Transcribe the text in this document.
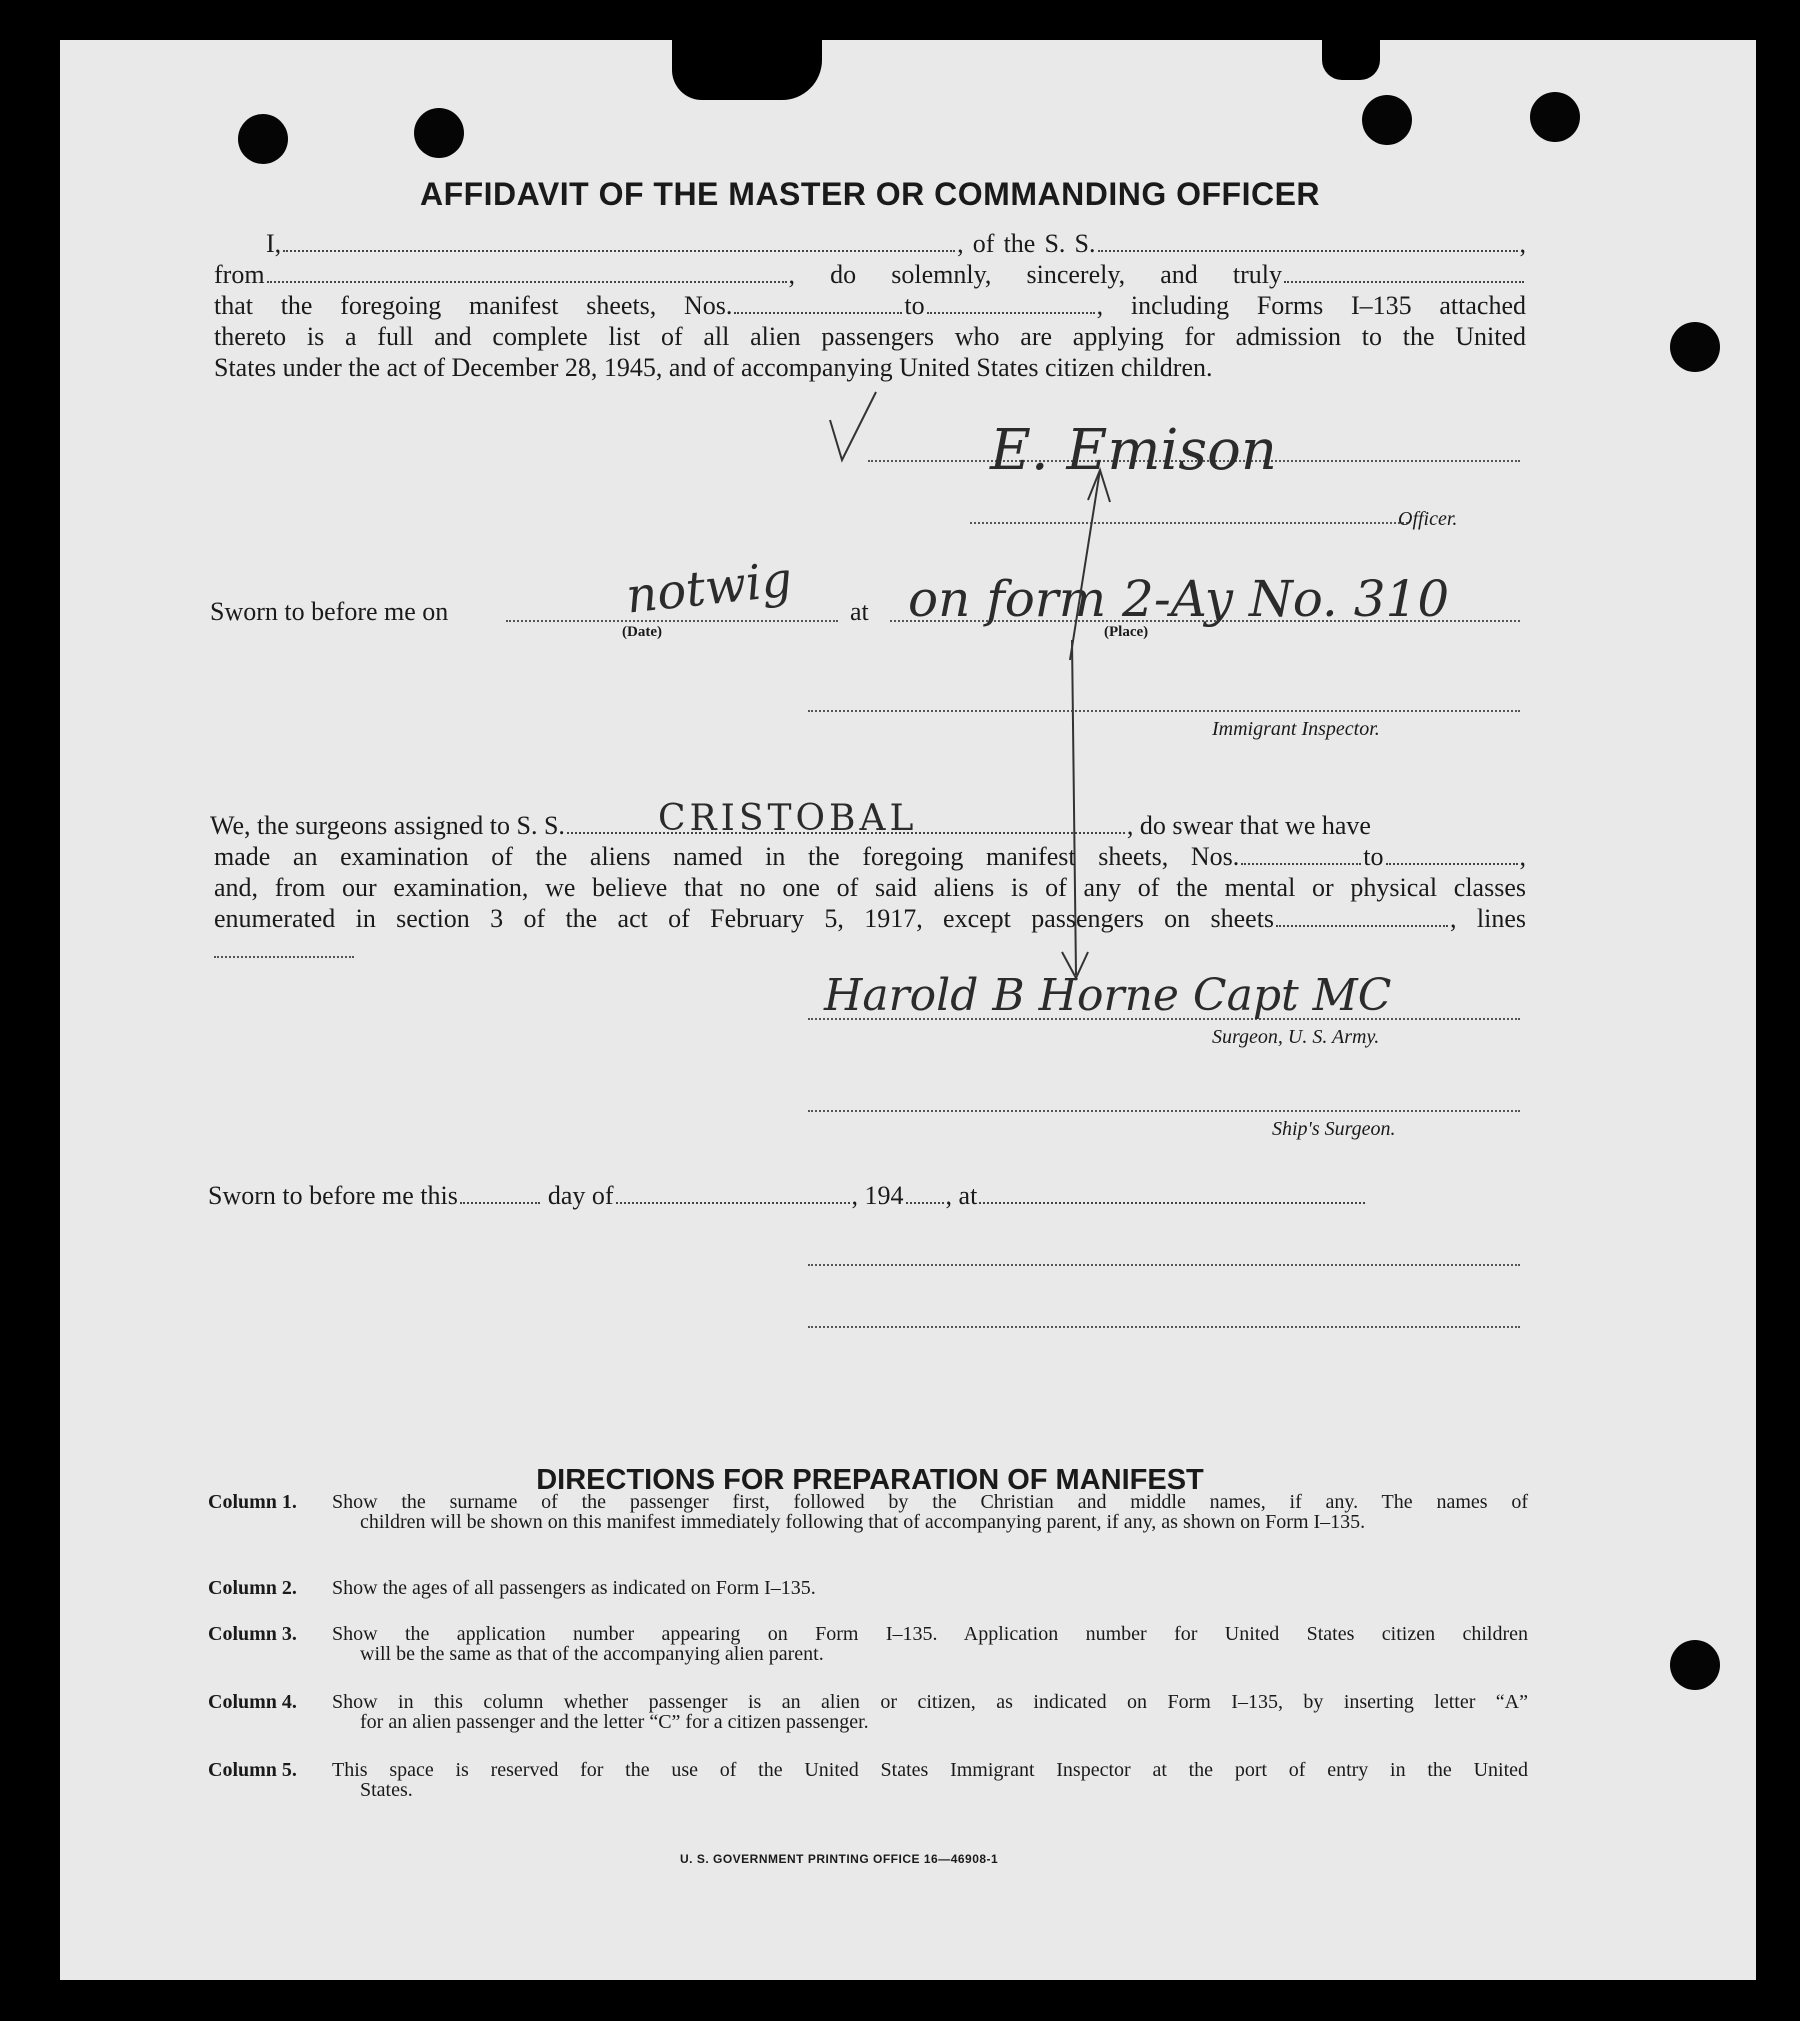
AFFIDAVIT OF THE MASTER OR COMMANDING OFFICER
I,	, of the S. S.	,
from	, do solemnly, sincerely, and truly
that the foregoing manifest sheets, Nos.	to	, including Forms I–135 attached
thereto is a full and complete list of all alien passengers who are applying for admission to the United
States under the act of December 28, 1945, and of accompanying United States citizen children.
E. Emison
Officer.
Sworn to before me on	at
(Date)	(Place)
notwig on form 2-Ay No. 310
Immigrant Inspector.
We, the surgeons assigned to S. S.	, do swear that we have
CRISTOBAL
made an examination of the aliens named in the foregoing manifest sheets, Nos.	to	,
and, from our examination, we believe that no one of said aliens is of any of the mental or physical classes
enumerated in section 3 of the act of February 5, 1917, except passengers on sheets	, lines
Harold B Horne Capt MC
Surgeon, U. S. Army.
Ship's Surgeon.
Sworn to before me this	day of	, 194 , at
DIRECTIONS FOR PREPARATION OF MANIFEST
Column 1. Show the surname of the passenger first, followed by the Christian and middle names, if any. The names of
children will be shown on this manifest immediately following that of accompanying parent, if any, as shown on Form I–135.
Column 2. Show the ages of all passengers as indicated on Form I–135.
Column 3. Show the application number appearing on Form I–135. Application number for United States citizen children
will be the same as that of the accompanying alien parent.
Column 4. Show in this column whether passenger is an alien or citizen, as indicated on Form I–135, by inserting letter “A”
for an alien passenger and the letter “C” for a citizen passenger.
Column 5. This space is reserved for the use of the United States Immigrant Inspector at the port of entry in the United
States.
U. S. GOVERNMENT PRINTING OFFICE 16—46908-1
